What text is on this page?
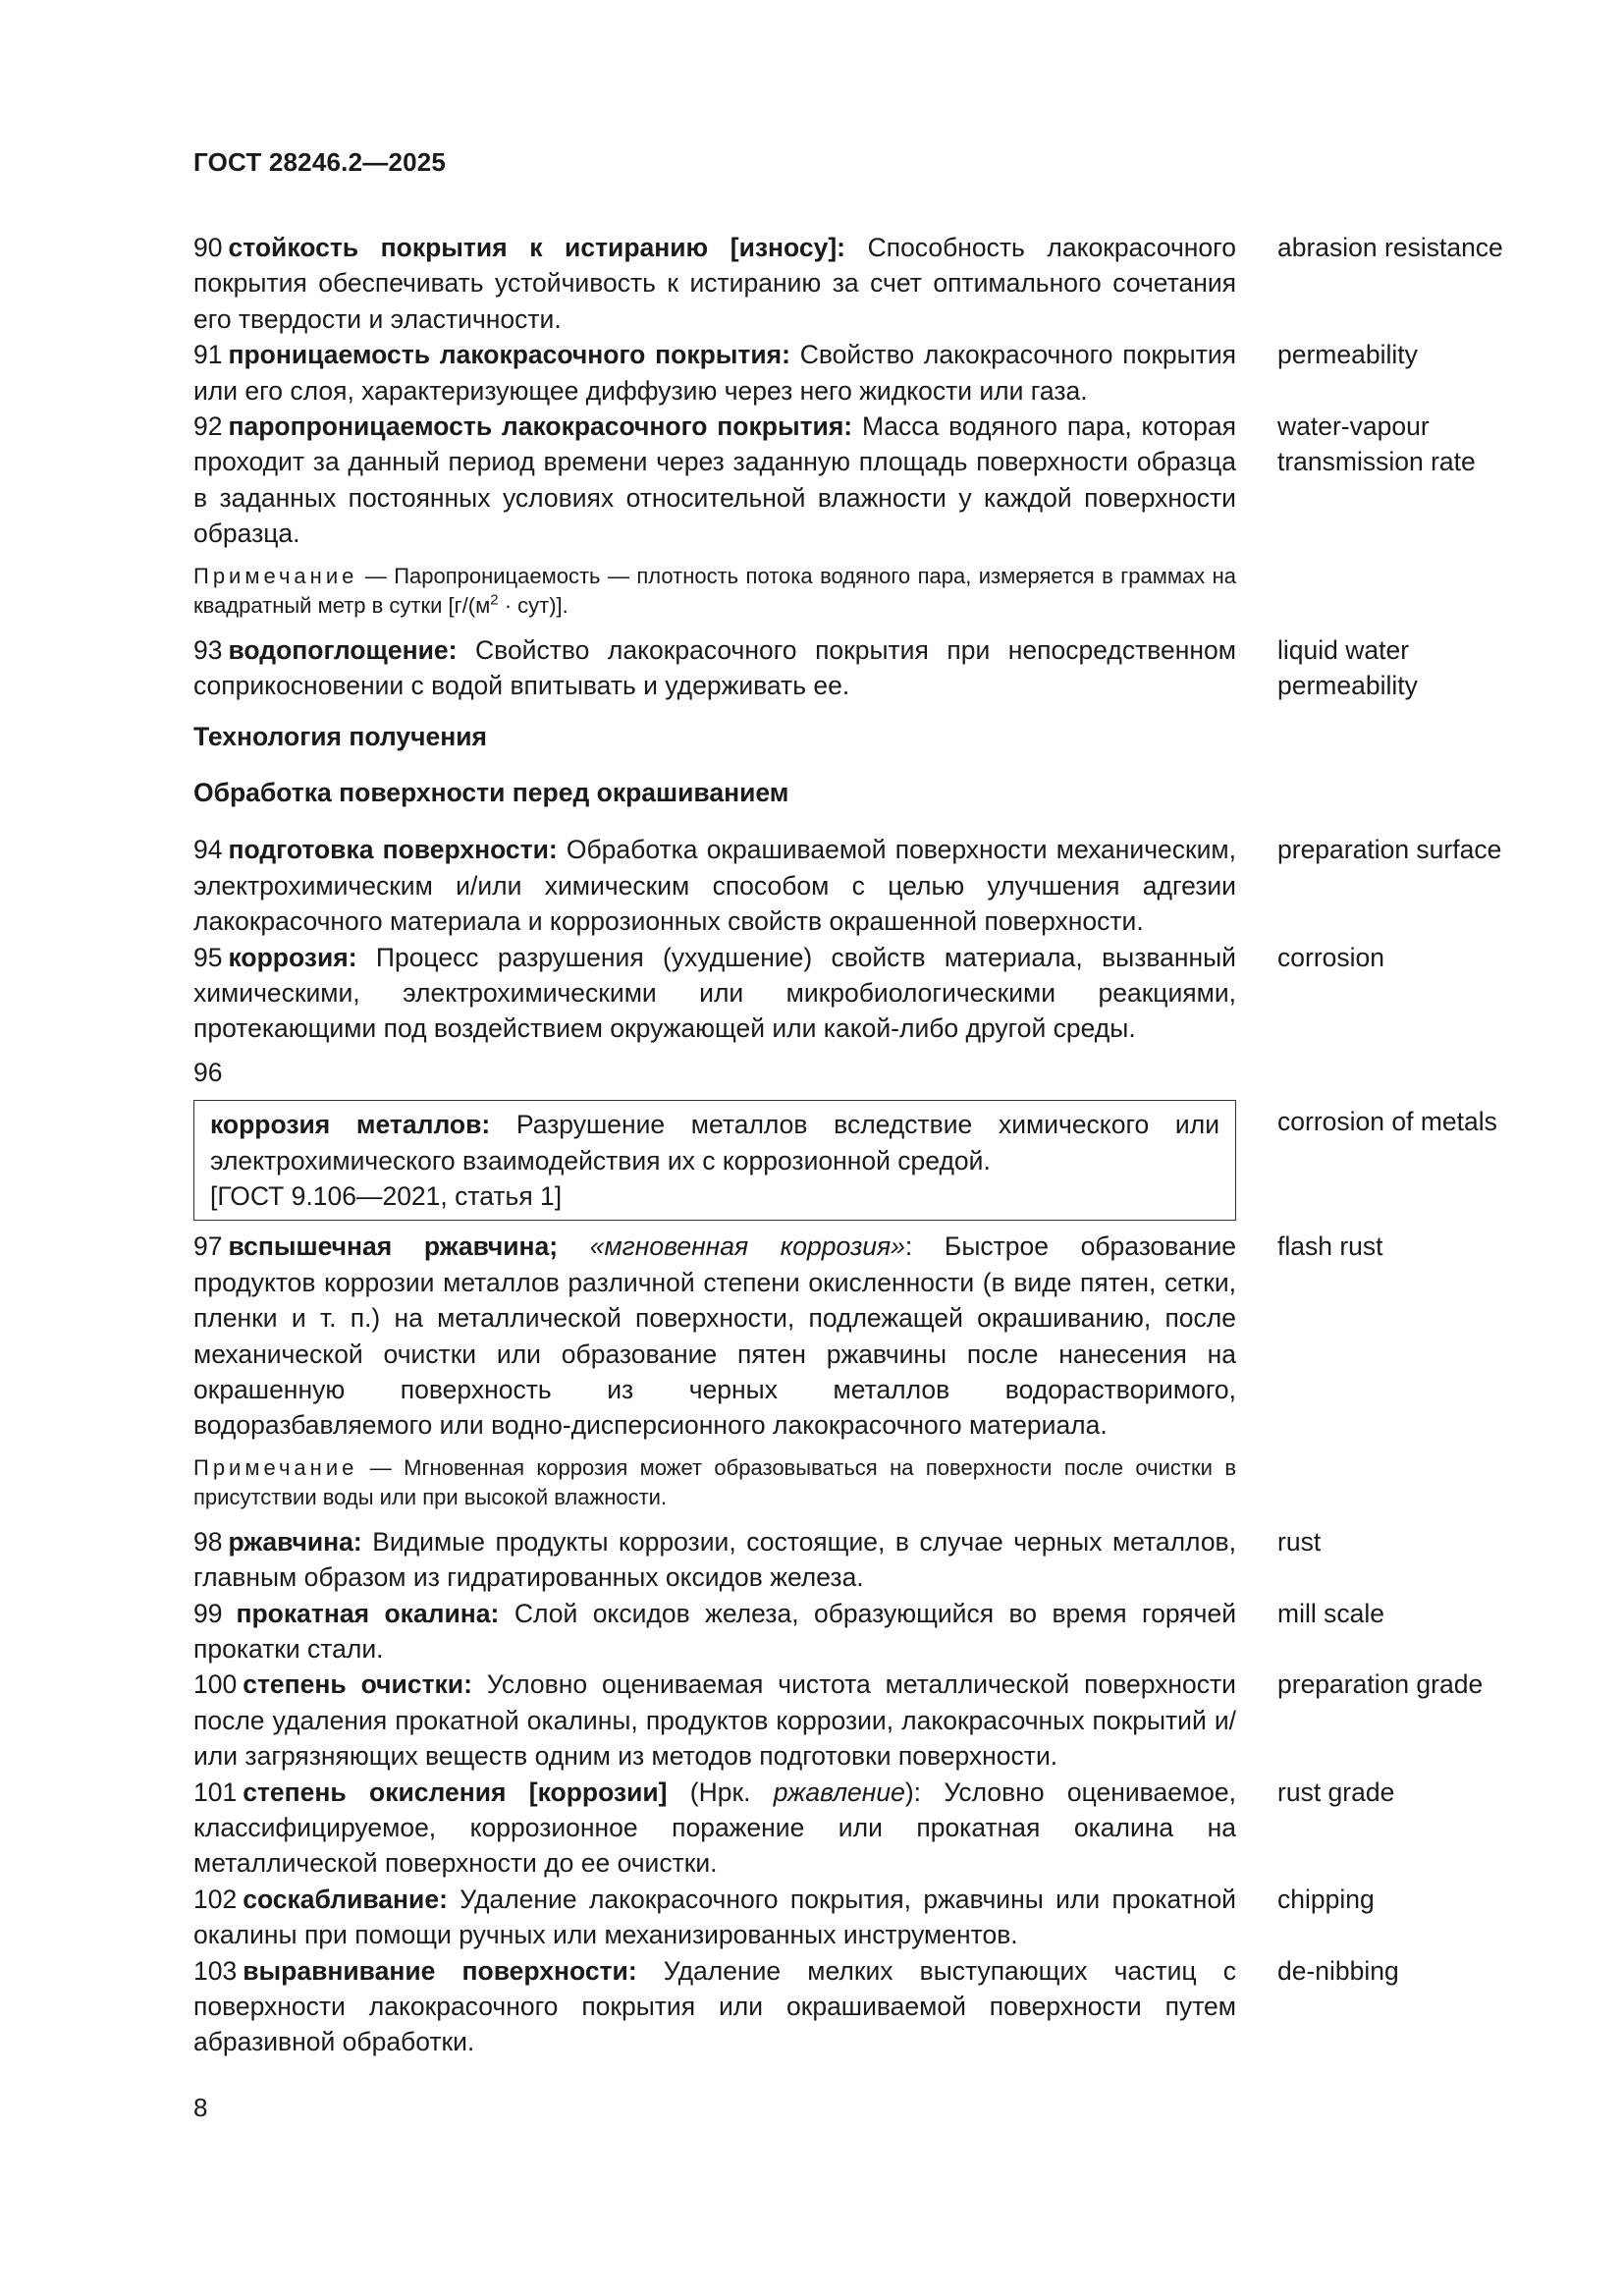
ГОСТ 28246.2—2025
90 стойкость покрытия к истиранию [износу]: Способность лакокрасочного покрытия обеспечивать устойчивость к истиранию за счет оптимального сочетания его твердости и эластичности.
abrasion resistance
91 проницаемость лакокрасочного покрытия: Свойство лакокрасочного покрытия или его слоя, характеризующее диффузию через него жидкости или газа.
permeability
92 паропроницаемость лакокрасочного покрытия: Масса водяного пара, которая проходит за данный период времени через заданную площадь поверхности образца в заданных постоянных условиях относительной влажности у каждой поверхности образца.
water-vapour transmission rate
Примечание — Паропроницаемость — плотность потока водяного пара, измеряется в граммах на квадратный метр в сутки $[г/(м^2 \cdot сут)]$.
93 водопоглощение: Свойство лакокрасочного покрытия при непосредственном соприкосновении с водой впитывать и удерживать ее.
liquid water permeability
Технология получения
Обработка поверхности перед окрашиванием
94 подготовка поверхности: Обработка окрашиваемой поверхности механическим, электрохимическим и/или химическим способом с целью улучшения адгезии лакокрасочного материала и коррозионных свойств окрашенной поверхности.
preparation surface
95 коррозия: Процесс разрушения (ухудшение) свойств материала, вызванный химическими, электрохимическими или микробиологическими реакциями, протекающими под воздействием окружающей или какой-либо другой среды.
corrosion
96
коррозия металлов: Разрушение металлов вследствие химического или электрохимического взаимодействия их с коррозионной средой.
[ГОСТ 9.106—2021, статья 1]
corrosion of metals
97 вспышечная ржавчина; «мгновенная коррозия»: Быстрое образование продуктов коррозии металлов различной степени окисленности (в виде пятен, сетки, пленки и т. п.) на металлической поверхности, подлежащей окрашиванию, после механической очистки или образование пятен ржавчины после нанесения на окрашенную поверхность из черных металлов водорастворимого, водоразбавляемого или водно-дисперсионного лакокрасочного материала.
flash rust
Примечание — Мгновенная коррозия может образовываться на поверхности после очистки в присутствии воды или при высокой влажности.
98 ржавчина: Видимые продукты коррозии, состоящие, в случае черных металлов, главным образом из гидратированных оксидов железа.
rust
99 прокатная окалина: Слой оксидов железа, образующийся во время горячей прокатки стали.
mill scale
100 степень очистки: Условно оцениваемая чистота металлической поверхности после удаления прокатной окалины, продуктов коррозии, лакокрасочных покрытий и/или загрязняющих веществ одним из методов подготовки поверхности.
preparation grade
101 степень окисления [коррозии] (Нрк. ржавление): Условно оцениваемое, классифицируемое, коррозионное поражение или прокатная окалина на металлической поверхности до ее очистки.
rust grade
102 соскабливание: Удаление лакокрасочного покрытия, ржавчины или прокатной окалины при помощи ручных или механизированных инструментов.
chipping
103 выравнивание поверхности: Удаление мелких выступающих частиц с поверхности лакокрасочного покрытия или окрашиваемой поверхности путем абразивной обработки.
de-nibbing
8
